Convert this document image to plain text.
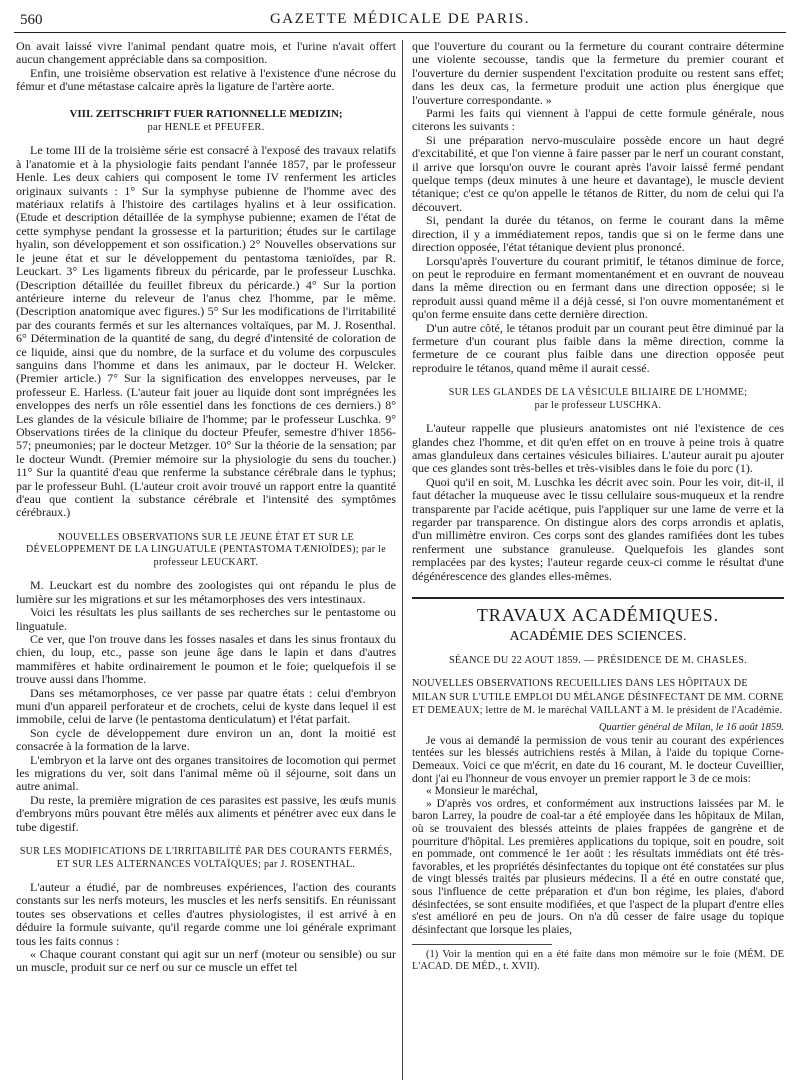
560	GAZETTE MÉDICALE DE PARIS.

On avait laissé vivre l'animal pendant quatre mois, et l'urine n'avait offert aucun changement appréciable dans sa composition.

Enfin, une troisième observation est relative à l'existence d'une nécrose du fémur et d'une métastase calcaire après la ligature de l'artère aorte.

VIII. ZEITSCHRIFT FUER RATIONNELLE MEDIZIN;
par HENLE et PFEUFER.

Le tome III de la troisième série est consacré à l'exposé des travaux relatifs à l'anatomie et à la physiologie faits pendant l'année 1857, par le professeur Henle. Les deux cahiers qui composent le tome IV renferment les articles originaux suivants : 1° Sur la symphyse pubienne de l'homme avec des matériaux relatifs à l'histoire des cartilages hyalins et à leur ossification. (Etude et description détaillée de la symphyse pubienne; examen de l'état de cette symphyse pendant la grossesse et la parturition; études sur le cartilage hyalin, son développement et son ossification.) 2° Nouvelles observations sur le jeune état et sur le développement du pentastoma tænioïdes, par R. Leuckart. 3° Les ligaments fibreux du péricarde, par le professeur Luschka. (Description détaillée du feuillet fibreux du péricarde.) 4° Sur la portion antérieure interne du releveur de l'anus chez l'homme, par le même. (Description anatomique avec figures.) 5° Sur les modifications de l'irritabilité par des courants fermés et sur les alternances voltaïques, par M. J. Rosenthal. 6° Détermination de la quantité de sang, du degré d'intensité de coloration de ce liquide, ainsi que du nombre, de la surface et du volume des corpuscules sanguins dans l'homme et dans les animaux, par le docteur H. Welcker. (Premier article.) 7° Sur la signification des enveloppes nerveuses, par le professeur E. Harless. (L'auteur fait jouer au liquide dont sont imprégnées les enveloppes des nerfs un rôle essentiel dans les fonctions de ces derniers.) 8° Les glandes de la vésicule biliaire de l'homme; par le professeur Luschka. 9° Observations tirées de la clinique du docteur Pfeufer, semestre d'hiver 1856-57; pneumonies; par le docteur Metzger. 10° Sur la théorie de la sensation; par le docteur Wundt. (Premier mémoire sur la physiologie du sens du toucher.) 11° Sur la quantité d'eau que renferme la substance cérébrale dans le typhus; par le professeur Buhl. (L'auteur croit avoir trouvé un rapport entre la quantité d'eau que contient la substance cérébrale et l'intensité des symptômes cérébraux.)

NOUVELLES OBSERVATIONS SUR LE JEUNE ÉTAT ET SUR LE DÉVELOPPEMENT DE LA LINGUATULE (PENTASTOMA TÆNIOÏDES); par le professeur LEUCKART.

M. Leuckart est du nombre des zoologistes qui ont répandu le plus de lumière sur les migrations et sur les métamorphoses des vers intestinaux.

Voici les résultats les plus saillants de ses recherches sur le pentastome ou linguatule.

Ce ver, que l'on trouve dans les fosses nasales et dans les sinus frontaux du chien, du loup, etc., passe son jeune âge dans le lapin et dans d'autres mammifères et habite ordinairement le poumon et le foie; quelquefois il se trouve aussi dans l'homme.

Dans ses métamorphoses, ce ver passe par quatre états : celui d'embryon muni d'un appareil perforateur et de crochets, celui de kyste dans lequel il est immobile, celui de larve (le pentastoma denticulatum) et l'état parfait.

Son cycle de développement dure environ un an, dont la moitié est consacrée à la formation de la larve.

L'embryon et la larve ont des organes transitoires de locomotion qui permet les migrations du ver, soit dans l'animal même où il séjourne, soit dans un autre animal.

Du reste, la première migration de ces parasites est passive, les œufs munis d'embryons mûrs pouvant être mêlés aux aliments et pénétrer avec eux dans le tube digestif.

SUR LES MODIFICATIONS DE L'IRRITABILITÉ PAR DES COURANTS FERMÉS, ET SUR LES ALTERNANCES VOLTAÏQUES; par J. ROSENTHAL.

L'auteur a étudié, par de nombreuses expériences, l'action des courants constants sur les nerfs moteurs, les muscles et les nerfs sensitifs. En réunissant toutes ses observations et celles d'autres physiologistes, il est arrivé à en déduire la formule suivante, qu'il regarde comme une loi générale exprimant tous les faits connus :

« Chaque courant constant qui agit sur un nerf (moteur ou sensible) ou sur un muscle, produit sur ce nerf ou sur ce muscle un effet tel

que l'ouverture du courant ou la fermeture du courant contraire détermine une violente secousse, tandis que la fermeture du premier courant et l'ouverture du dernier suspendent l'excitation produite ou restent sans effet; dans les deux cas, la fermeture produit une action plus énergique que l'ouverture correspondante. »

Parmi les faits qui viennent à l'appui de cette formule générale, nous citerons les suivants :

Si une préparation nervo-musculaire possède encore un haut degré d'excitabilité, et que l'on vienne à faire passer par le nerf un courant constant, il arrive que lorsqu'on ouvre le courant après l'avoir laissé fermé pendant quelque temps (deux minutes à une heure et davantage), le muscle devient tétanique; c'est ce qu'on appelle le tétanos de Ritter, du nom de celui qui l'a découvert.

Si, pendant la durée du tétanos, on ferme le courant dans la même direction, il y a immédiatement repos, tandis que si on le ferme dans une direction opposée, l'état tétanique devient plus prononcé.

Lorsqu'après l'ouverture du courant primitif, le tétanos diminue de force, on peut le reproduire en fermant momentanément et en ouvrant de nouveau dans la même direction ou en fermant dans une direction opposée; si le reproduit aussi quand même il a déjà cessé, si l'on ouvre momentanément et qu'on ferme ensuite dans cette dernière direction.

D'un autre côté, le tétanos produit par un courant peut être diminué par la fermeture d'un courant plus faible dans la même direction, comme la fermeture de ce courant plus faible dans une direction opposée peut reproduire le tétanos, quand même il aurait cessé.

SUR LES GLANDES DE LA VÉSICULE BILIAIRE DE L'HOMME;
par le professeur LUSCHKA.

L'auteur rappelle que plusieurs anatomistes ont nié l'existence de ces glandes chez l'homme, et dit qu'en effet on en trouve à peine trois à quatre amas glanduleux dans certaines vésicules biliaires. L'auteur aurait pu ajouter que ces glandes sont très-belles et très-visibles dans le foie du porc (1).

Quoi qu'il en soit, M. Luschka les décrit avec soin. Pour les voir, dit-il, il faut détacher la muqueuse avec le tissu cellulaire sous-muqueux et la rendre transparente par l'acide acétique, puis l'appliquer sur une lame de verre et la regarder par transparence. On distingue alors des corps arrondis et aplatis, d'un millimètre environ. Ces corps sont des glandes ramifiées dont les tubes renferment une substance granuleuse. Quelquefois les glandes sont remplacées par des kystes; l'auteur regarde ceux-ci comme le résultat d'une dégénérescence des glandes elles-mêmes.

TRAVAUX ACADÉMIQUES.
ACADÉMIE DES SCIENCES.
SÉANCE DU 22 AOUT 1859. — PRÉSIDENCE DE M. CHASLES.
NOUVELLES OBSERVATIONS RECUEILLIES DANS LES HÔPITAUX DE MILAN SUR L'UTILE EMPLOI DU MÉLANGE DÉSINFECTANT DE MM. CORNE ET DEMEAUX; lettre de M. le maréchal VAILLANT à M. le président de l'Académie.
Quartier général de Milan, le 16 août 1859.

Je vous ai demandé la permission de vous tenir au courant des expériences tentées sur les blessés autrichiens restés à Milan, à l'aide du topique Corne-Demeaux. Voici ce que m'écrit, en date du 16 courant, M. le docteur Cuveillier, dont j'ai eu l'honneur de vous envoyer un premier rapport le 3 de ce mois:

« Monsieur le maréchal,

» D'après vos ordres, et conformément aux instructions laissées par M. le baron Larrey, la poudre de coal-tar a été employée dans les hôpitaux de Milan, où se trouvaient des blessés atteints de plaies frappées de gangrène et de pourriture d'hôpital. Les premières applications du topique, soit en poudre, soit en pommade, ont commencé le 1er août : les résultats immédiats ont été très-favorables, et les propriétés désinfectantes du topique ont été constatées sur plus de vingt blessés traités par plusieurs médecins. Il a été en outre constaté que, sous l'influence de cette préparation et d'un bon régime, les plaies, d'abord désinfectées, se sont ensuite modifiées, et que l'aspect de la plupart d'entre elles s'est amélioré en peu de jours. On n'a dû cesser de faire usage du topique désinfectant que lorsque les plaies,

(1) Voir la mention qui en a été faite dans mon mémoire sur le foie (MÉM. DE L'ACAD. DE MÉD., t. XVII).
